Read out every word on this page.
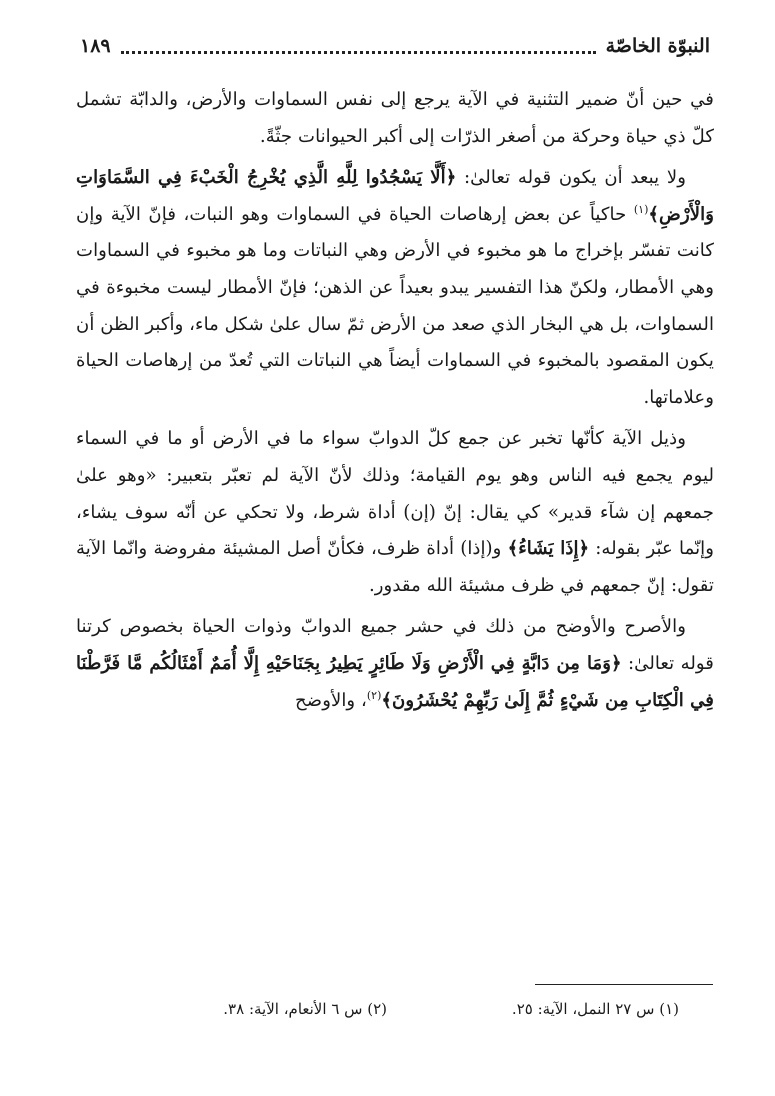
النبوّة الخاصّة
١٨٩

في حين أنّ ضمير التثنية في الآية يرجع إلى نفس السماوات والأرض، والدابّة تشمل كلّ ذي حياة وحركة من أصغر الذرّات إلى أكبر الحيوانات جثّةً.

ولا يبعد أن يكون قوله تعالىٰ: ﴿أَلَّا يَسْجُدُوا لِلَّهِ الَّذِي يُخْرِجُ الْخَبْءَ فِي السَّمَاوَاتِ وَالْأَرْضِ﴾$^{(١)}$ حاكياً عن بعض إرهاصات الحياة في السماوات وهو النبات، فإنّ الآية وإن كانت تفسّر بإخراج ما هو مخبوء في الأرض وهي النباتات وما هو مخبوء في السماوات وهي الأمطار، ولكنّ هذا التفسير يبدو بعيداً عن الذهن؛ فإنّ الأمطار ليست مخبوءة في السماوات، بل هي البخار الذي صعد من الأرض ثمّ سال علىٰ شكل ماء، وأكبر الظن أن يكون المقصود بالمخبوء في السماوات أيضاً هي النباتات التي تُعدّ من إرهاصات الحياة وعلاماتها.

وذيل الآية كأنّها تخبر عن جمع كلّ الدوابّ سواء ما في الأرض أو ما في السماء ليوم يجمع فيه الناس وهو يوم القيامة؛ وذلك لأنّ الآية لم تعبّر بتعبير: «وهو علىٰ جمعهم إن شآء قدير» كي يقال: إنّ (إن) أداة شرط، ولا تحكي عن أنّه سوف يشاء، وإنّما عبّر بقوله: ﴿إِذَا يَشَاءُ﴾ و(إذا) أداة ظرف، فكأنّ أصل المشيئة مفروضة وانّما الآية تقول: إنّ جمعهم في ظرف مشيئة الله مقدور.

والأصرح والأوضح من ذلك في حشر جميع الدوابّ وذوات الحياة بخصوص كرتنا قوله تعالىٰ: ﴿وَمَا مِن دَابَّةٍ فِي الْأَرْضِ وَلَا طَائِرٍ يَطِيرُ بِجَنَاحَيْهِ إِلَّا أُمَمٌ أَمْثَالُكُم مَّا فَرَّطْنَا فِي الْكِتَابِ مِن شَيْءٍ ثُمَّ إِلَىٰ رَبِّهِمْ يُحْشَرُونَ﴾$^{(٢)}$، والأوضح

(١) س ٢٧ النمل، الآية: ٢٥.
(٢) س ٦ الأنعام، الآية: ٣٨.
